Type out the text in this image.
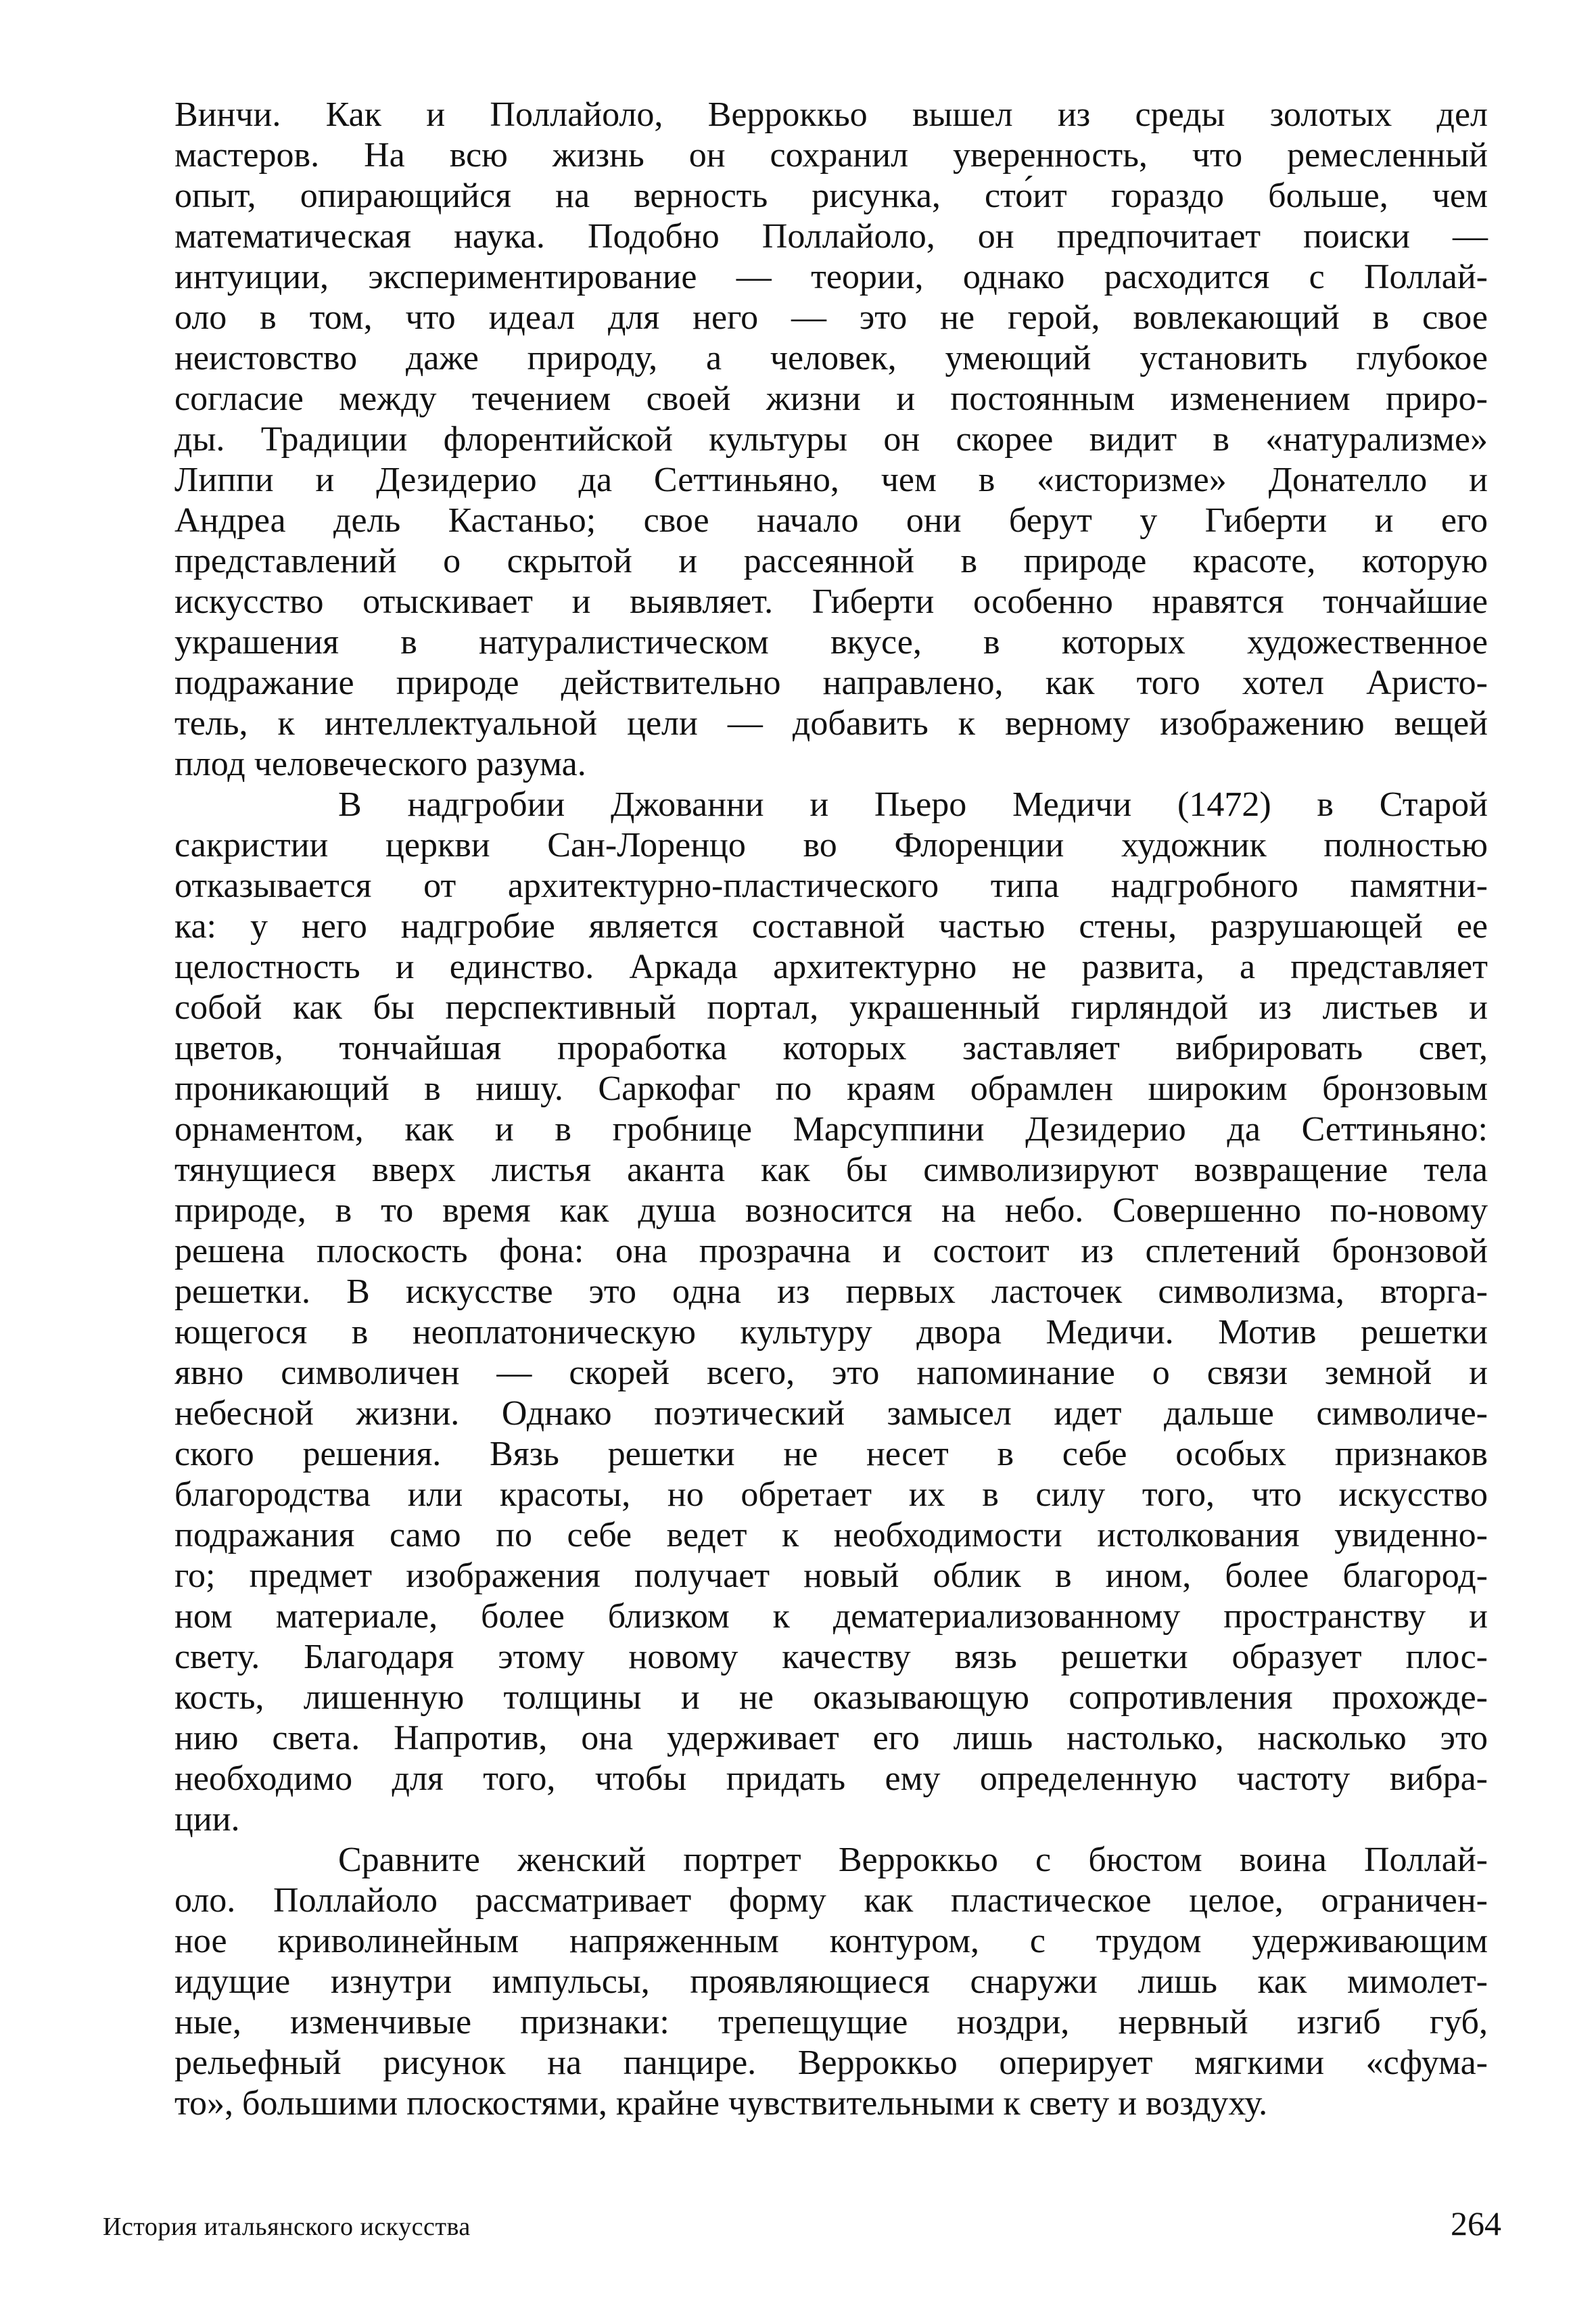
Винчи. Как и Поллайоло, Верроккьо вышел из среды золотых дел
мастеров. На всю жизнь он сохранил уверенность, что ремесленный
опыт, опирающийся на верность рисунка, сто́ит гораздо больше, чем
математическая наука. Подобно Поллайоло, он предпочитает поиски —
интуиции, экспериментирование — теории, однако расходится с Поллай-
оло в том, что идеал для него — это не герой, вовлекающий в свое
неистовство даже природу, а человек, умеющий установить глубокое
согласие между течением своей жизни и постоянным изменением приро-
ды. Традиции флорентийской культуры он скорее видит в «натурализме»
Липпи и Дезидерио да Сеттиньяно, чем в «историзме» Донателло и
Андреа дель Кастаньо; свое начало они берут у Гиберти и его
представлений о скрытой и рассеянной в природе красоте, которую
искусство отыскивает и выявляет. Гиберти особенно нравятся тончайшие
украшения в натуралистическом вкусе, в которых художественное
подражание природе действительно направлено, как того хотел Аристо-
тель, к интеллектуальной цели — добавить к верному изображению вещей
плод человеческого разума.
В надгробии Джованни и Пьеро Медичи (1472) в Старой
сакристии церкви Сан-Лоренцо во Флоренции художник полностью
отказывается от архитектурно-пластического типа надгробного памятни-
ка: у него надгробие является составной частью стены, разрушающей ее
целостность и единство. Аркада архитектурно не развита, а представляет
собой как бы перспективный портал, украшенный гирляндой из листьев и
цветов, тончайшая проработка которых заставляет вибрировать свет,
проникающий в нишу. Саркофаг по краям обрамлен широким бронзовым
орнаментом, как и в гробнице Марсуппини Дезидерио да Сеттиньяно:
тянущиеся вверх листья аканта как бы символизируют возвращение тела
природе, в то время как душа возносится на небо. Совершенно по-новому
решена плоскость фона: она прозрачна и состоит из сплетений бронзовой
решетки. В искусстве это одна из первых ласточек символизма, вторга-
ющегося в неоплатоническую культуру двора Медичи. Мотив решетки
явно символичен — скорей всего, это напоминание о связи земной и
небесной жизни. Однако поэтический замысел идет дальше символиче-
ского решения. Вязь решетки не несет в себе особых признаков
благородства или красоты, но обретает их в силу того, что искусство
подражания само по себе ведет к необходимости истолкования увиденно-
го; предмет изображения получает новый облик в ином, более благород-
ном материале, более близком к дематериализованному пространству и
свету. Благодаря этому новому качеству вязь решетки образует плос-
кость, лишенную толщины и не оказывающую сопротивления прохожде-
нию света. Напротив, она удерживает его лишь настолько, насколько это
необходимо для того, чтобы придать ему определенную частоту вибра-
ции.
Сравните женский портрет Верроккьо с бюстом воина Поллай-
оло. Поллайоло рассматривает форму как пластическое целое, ограничен-
ное криволинейным напряженным контуром, с трудом удерживающим
идущие изнутри импульсы, проявляющиеся снаружи лишь как мимолет-
ные, изменчивые признаки: трепещущие ноздри, нервный изгиб губ,
рельефный рисунок на панцире. Верроккьо оперирует мягкими «сфума-
то», большими плоскостями, крайне чувствительными к свету и воздуху.
История итальянского искусства	264
